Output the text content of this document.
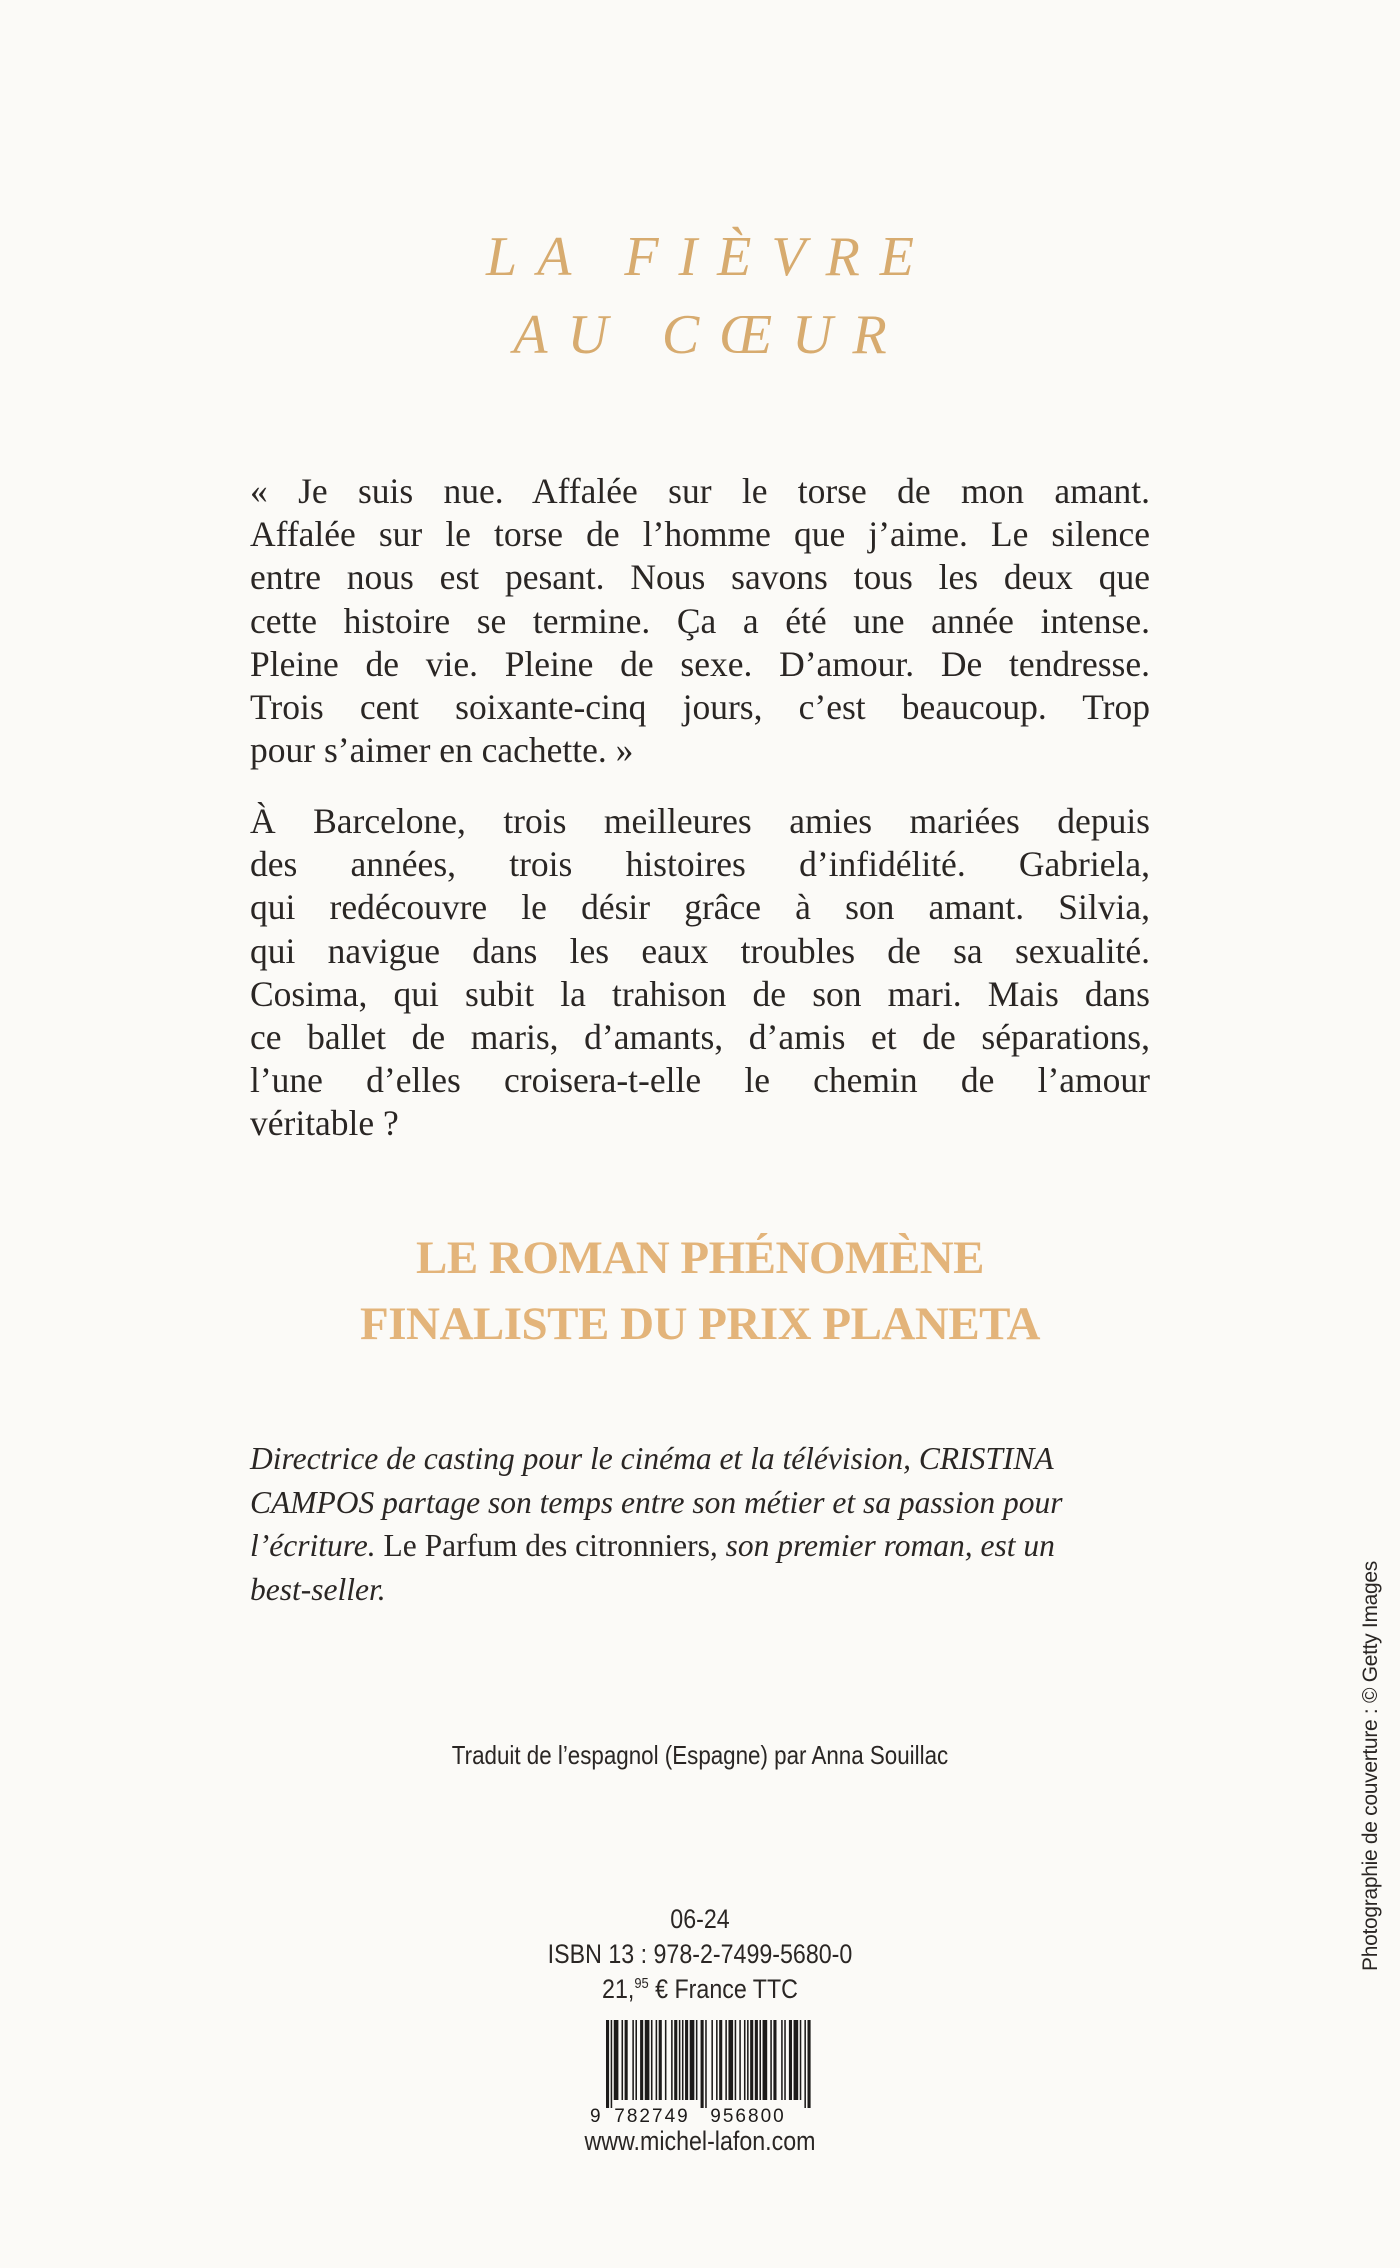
LA FIÈVRE
AU CŒUR
« Je suis nue. Affalée sur le torse de mon amant.
Affalée sur le torse de l’homme que j’aime. Le silence
entre nous est pesant. Nous savons tous les deux que
cette histoire se termine. Ça a été une année intense.
Pleine de vie. Pleine de sexe. D’amour. De tendresse.
Trois cent soixante-cinq jours, c’est beaucoup. Trop
pour s’aimer en cachette. »
À Barcelone, trois meilleures amies mariées depuis
des années, trois histoires d’infidélité. Gabriela,
qui redécouvre le désir grâce à son amant. Silvia,
qui navigue dans les eaux troubles de sa sexualité.
Cosima, qui subit la trahison de son mari. Mais dans
ce ballet de maris, d’amants, d’amis et de séparations,
l’une d’elles croisera-t-elle le chemin de l’amour
véritable ?
LE ROMAN PHÉNOMÈNE
FINALISTE DU PRIX PLANETA
Directrice de casting pour le cinéma et la télévision, CRISTINA
CAMPOS partage son temps entre son métier et sa passion pour
l’écriture. Le Parfum des citronniers, son premier roman, est un
best-seller.
Traduit de l’espagnol (Espagne) par Anna Souillac
06-24
ISBN 13 : 978-2-7499-5680-0
21,95 € France TTC
9 782749 956800
www.michel-lafon.com
Photographie de couverture : © Getty Images
